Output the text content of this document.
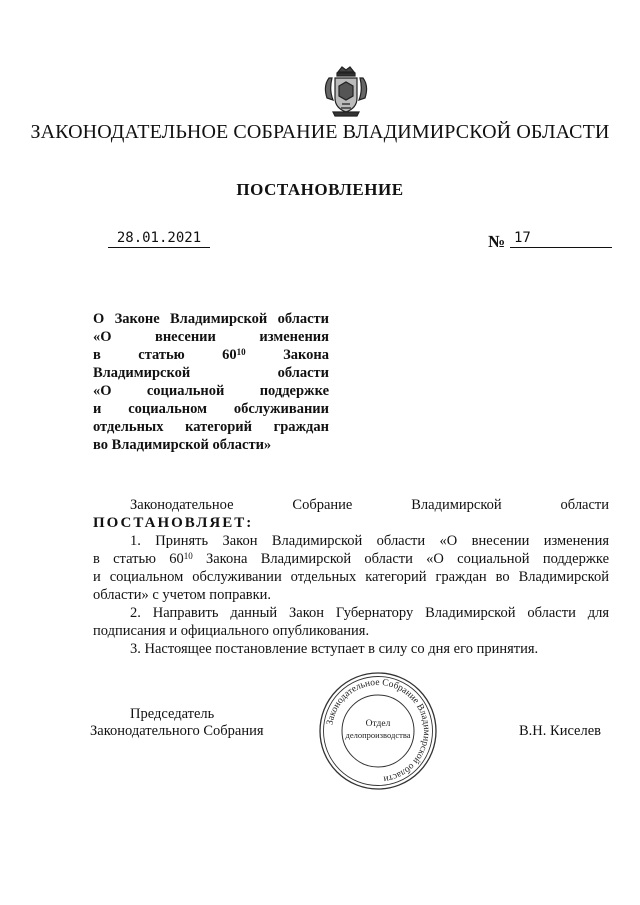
ЗАКОНОДАТЕЛЬНОЕ СОБРАНИЕ ВЛАДИМИРСКОЙ ОБЛАСТИ
ПОСТАНОВЛЕНИЕ
28.01.2021	№ 17
О Законе Владимирской области
«О	внесении	изменения
в	статью	$60^{10}$	Закона
Владимирской	области
«О социальной поддержке
и социальном обслуживании
отдельных категорий граждан
во Владимирской области»
Законодательное	Собрание	Владимирской	области
ПОСТАНОВЛЯЕТ:
1. Принять Закон Владимирской области «О внесении изменения
в статью $60^{10}$ Закона Владимирской области «О социальной поддержке
и социальном обслуживании отдельных категорий граждан во Владимирской
области» с учетом поправки.
2. Направить данный Закон Губернатору Владимирской области для
подписания и официального опубликования.
3. Настоящее постановление вступает в силу со дня его принятия.
Председатель
Законодательного Собрания	В.Н. Киселев
Законодательное Собрание Владимирской области
Отдел
делопроизводства
